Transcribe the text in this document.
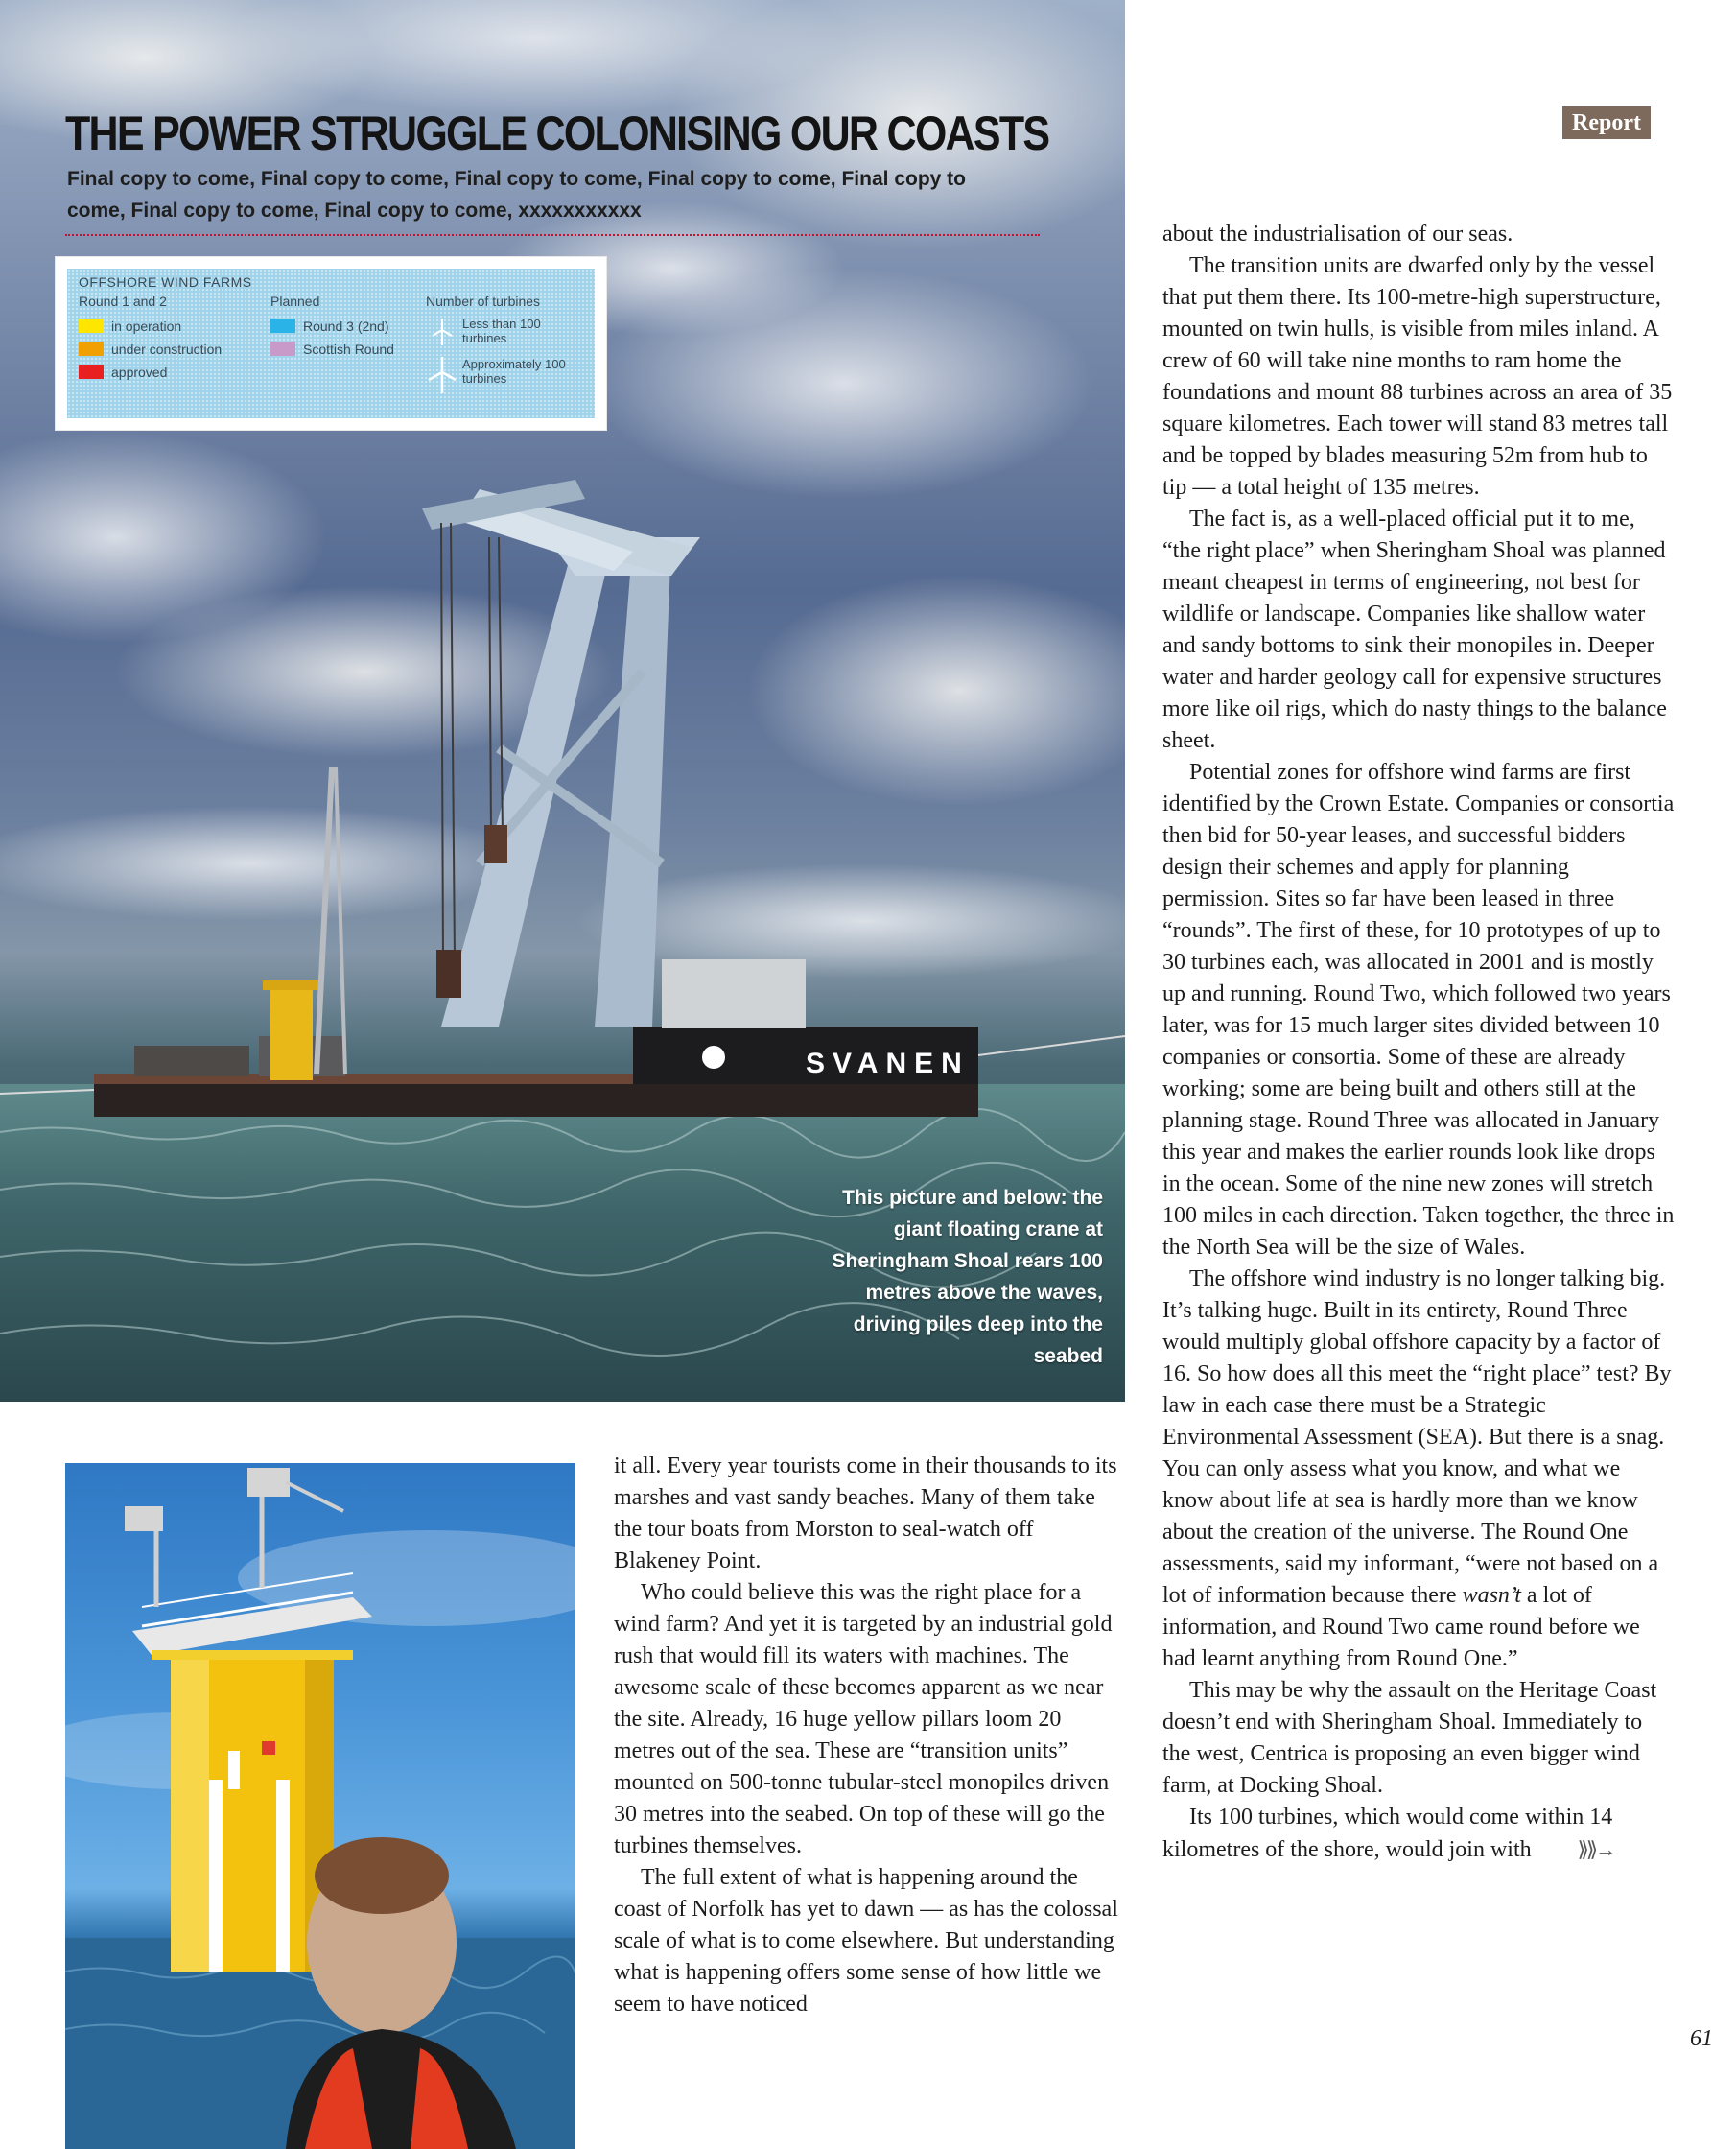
SVANEN
THE POWER STRUGGLE COLONISING OUR COASTS

Final copy to come, Final copy to come, Final copy to come, Final copy to come, Final copy to come, Final copy to come, Final copy to come, xxxxxxxxxxx

OFFSHORE WIND FARMS
Round 1 and 2	Planned	Number of turbines
in operation
under construction
approved
Round 3 (2nd)
Scottish Round
Less than 100 turbines
Approximately 100 turbines

This picture and below: the giant floating crane at Sheringham Shoal rears 100 metres above the waves, driving piles deep into the seabed

Report

about the industrialisation of our seas.

The transition units are dwarfed only by the vessel that put them there. Its 100-metre-high superstructure, mounted on twin hulls, is visible from miles inland. A crew of 60 will take nine months to ram home the foundations and mount 88 turbines across an area of 35 square kilometres. Each tower will stand 83 metres tall and be topped by blades measuring 52m from hub to tip — a total height of 135 metres.

The fact is, as a well-placed official put it to me, “the right place” when Sheringham Shoal was planned meant cheapest in terms of engineering, not best for wildlife or landscape. Companies like shallow water and sandy bottoms to sink their monopiles in. Deeper water and harder geology call for expensive structures more like oil rigs, which do nasty things to the balance sheet.

Potential zones for offshore wind farms are first identified by the Crown Estate. Companies or consortia then bid for 50-year leases, and successful bidders design their schemes and apply for planning permission. Sites so far have been leased in three “rounds”. The first of these, for 10 prototypes of up to 30 turbines each, was allocated in 2001 and is mostly up and running. Round Two, which followed two years later, was for 15 much larger sites divided between 10 companies or consortia. Some of these are already working; some are being built and others still at the planning stage. Round Three was allocated in January this year and makes the earlier rounds look like drops in the ocean. Some of the nine new zones will stretch 100 miles in each direction. Taken together, the three in the North Sea will be the size of Wales.

The offshore wind industry is no longer talking big. It’s talking huge. Built in its entirety, Round Three would multiply global offshore capacity by a factor of 16. So how does all this meet the “right place” test? By law in each case there must be a Strategic Environmental Assessment (SEA). But there is a snag. You can only assess what you know, and what we know about life at sea is hardly more than we know about the creation of the universe. The Round One assessments, said my informant, “were not based on a lot of information because there wasn’t a lot of information, and Round Two came round before we had learnt anything from Round One.”

This may be why the assault on the Heritage Coast doesn’t end with Sheringham Shoal. Immediately to the west, Centrica is proposing an even bigger wind farm, at Docking Shoal.

Its 100 turbines, which would come within 14 kilometres of the shore, would join with ⟫⟫→

it all. Every year tourists come in their thousands to its marshes and vast sandy beaches. Many of them take the tour boats from Morston to seal-watch off Blakeney Point.

Who could believe this was the right place for a wind farm? And yet it is targeted by an industrial gold rush that would fill its waters with machines. The awesome scale of these becomes apparent as we near the site. Already, 16 huge yellow pillars loom 20 metres out of the sea. These are “transition units” mounted on 500-tonne tubular-steel monopiles driven 30 metres into the seabed. On top of these will go the turbines themselves.

The full extent of what is happening around the coast of Norfolk has yet to dawn — as has the colossal scale of what is to come elsewhere. But understanding what is happening offers some sense of how little we seem to have noticed

61
